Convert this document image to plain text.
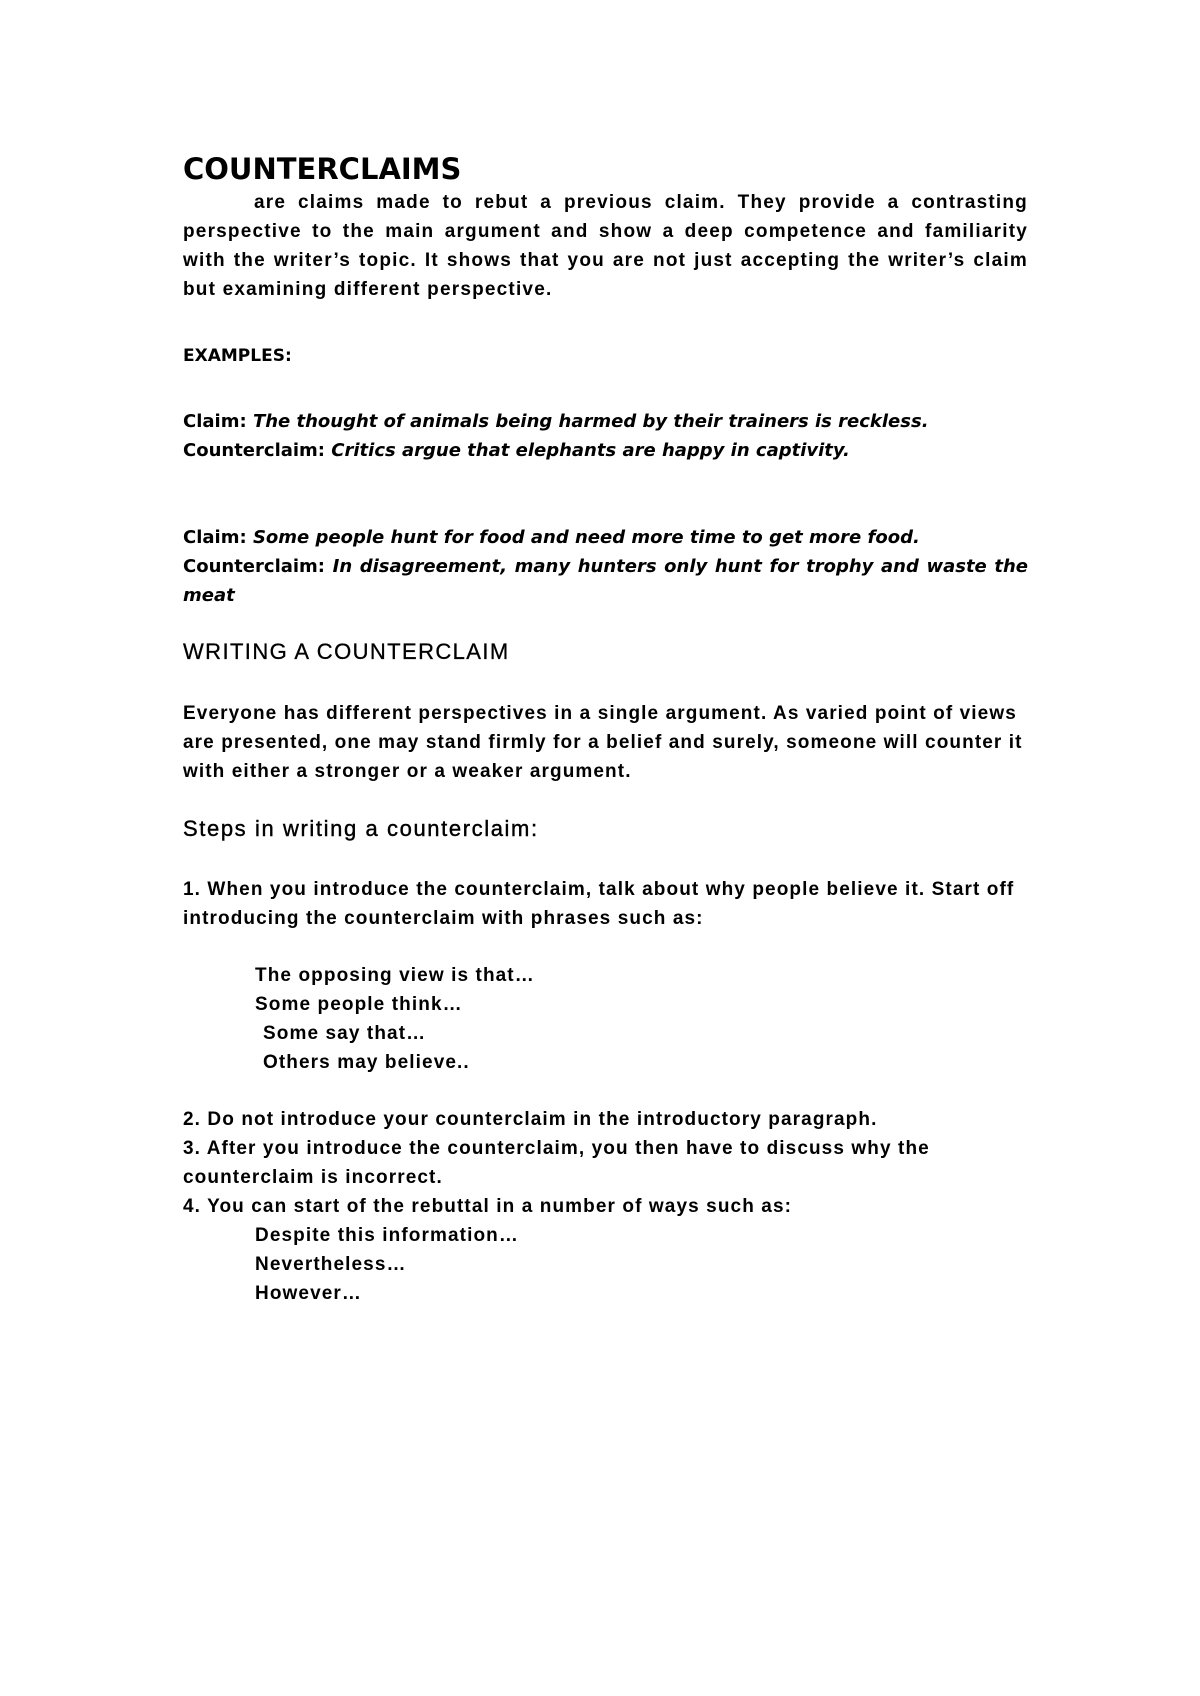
COUNTERCLAIMS

are claims made to rebut a previous claim. They provide a contrasting perspective to the main argument and show a deep competence and familiarity with the writer’s topic. It shows that you are not just accepting the writer’s claim but examining different perspective.

EXAMPLES:

Claim: The thought of animals being harmed by their trainers is reckless.

Counterclaim: Critics argue that elephants are happy in captivity.

Claim: Some people hunt for food and need more time to get more food.

Counterclaim: In disagreement, many hunters only hunt for trophy and waste the meat

WRITING A COUNTERCLAIM

Everyone has different perspectives in a single argument. As varied point of views are presented, one may stand firmly for a belief and surely, someone will counter it with either a stronger or a weaker argument.

Steps in writing a counterclaim:

1. When you introduce the counterclaim, talk about why people believe it. Start off introducing the counterclaim with phrases such as:

The opposing view is that…
Some people think…
Some say that…
Others may believe..

2. Do not introduce your counterclaim in the introductory paragraph.

3. After you introduce the counterclaim, you then have to discuss why the counterclaim is incorrect.

4. You can start of the rebuttal in a number of ways such as:

Despite this information…
Nevertheless…
However…
